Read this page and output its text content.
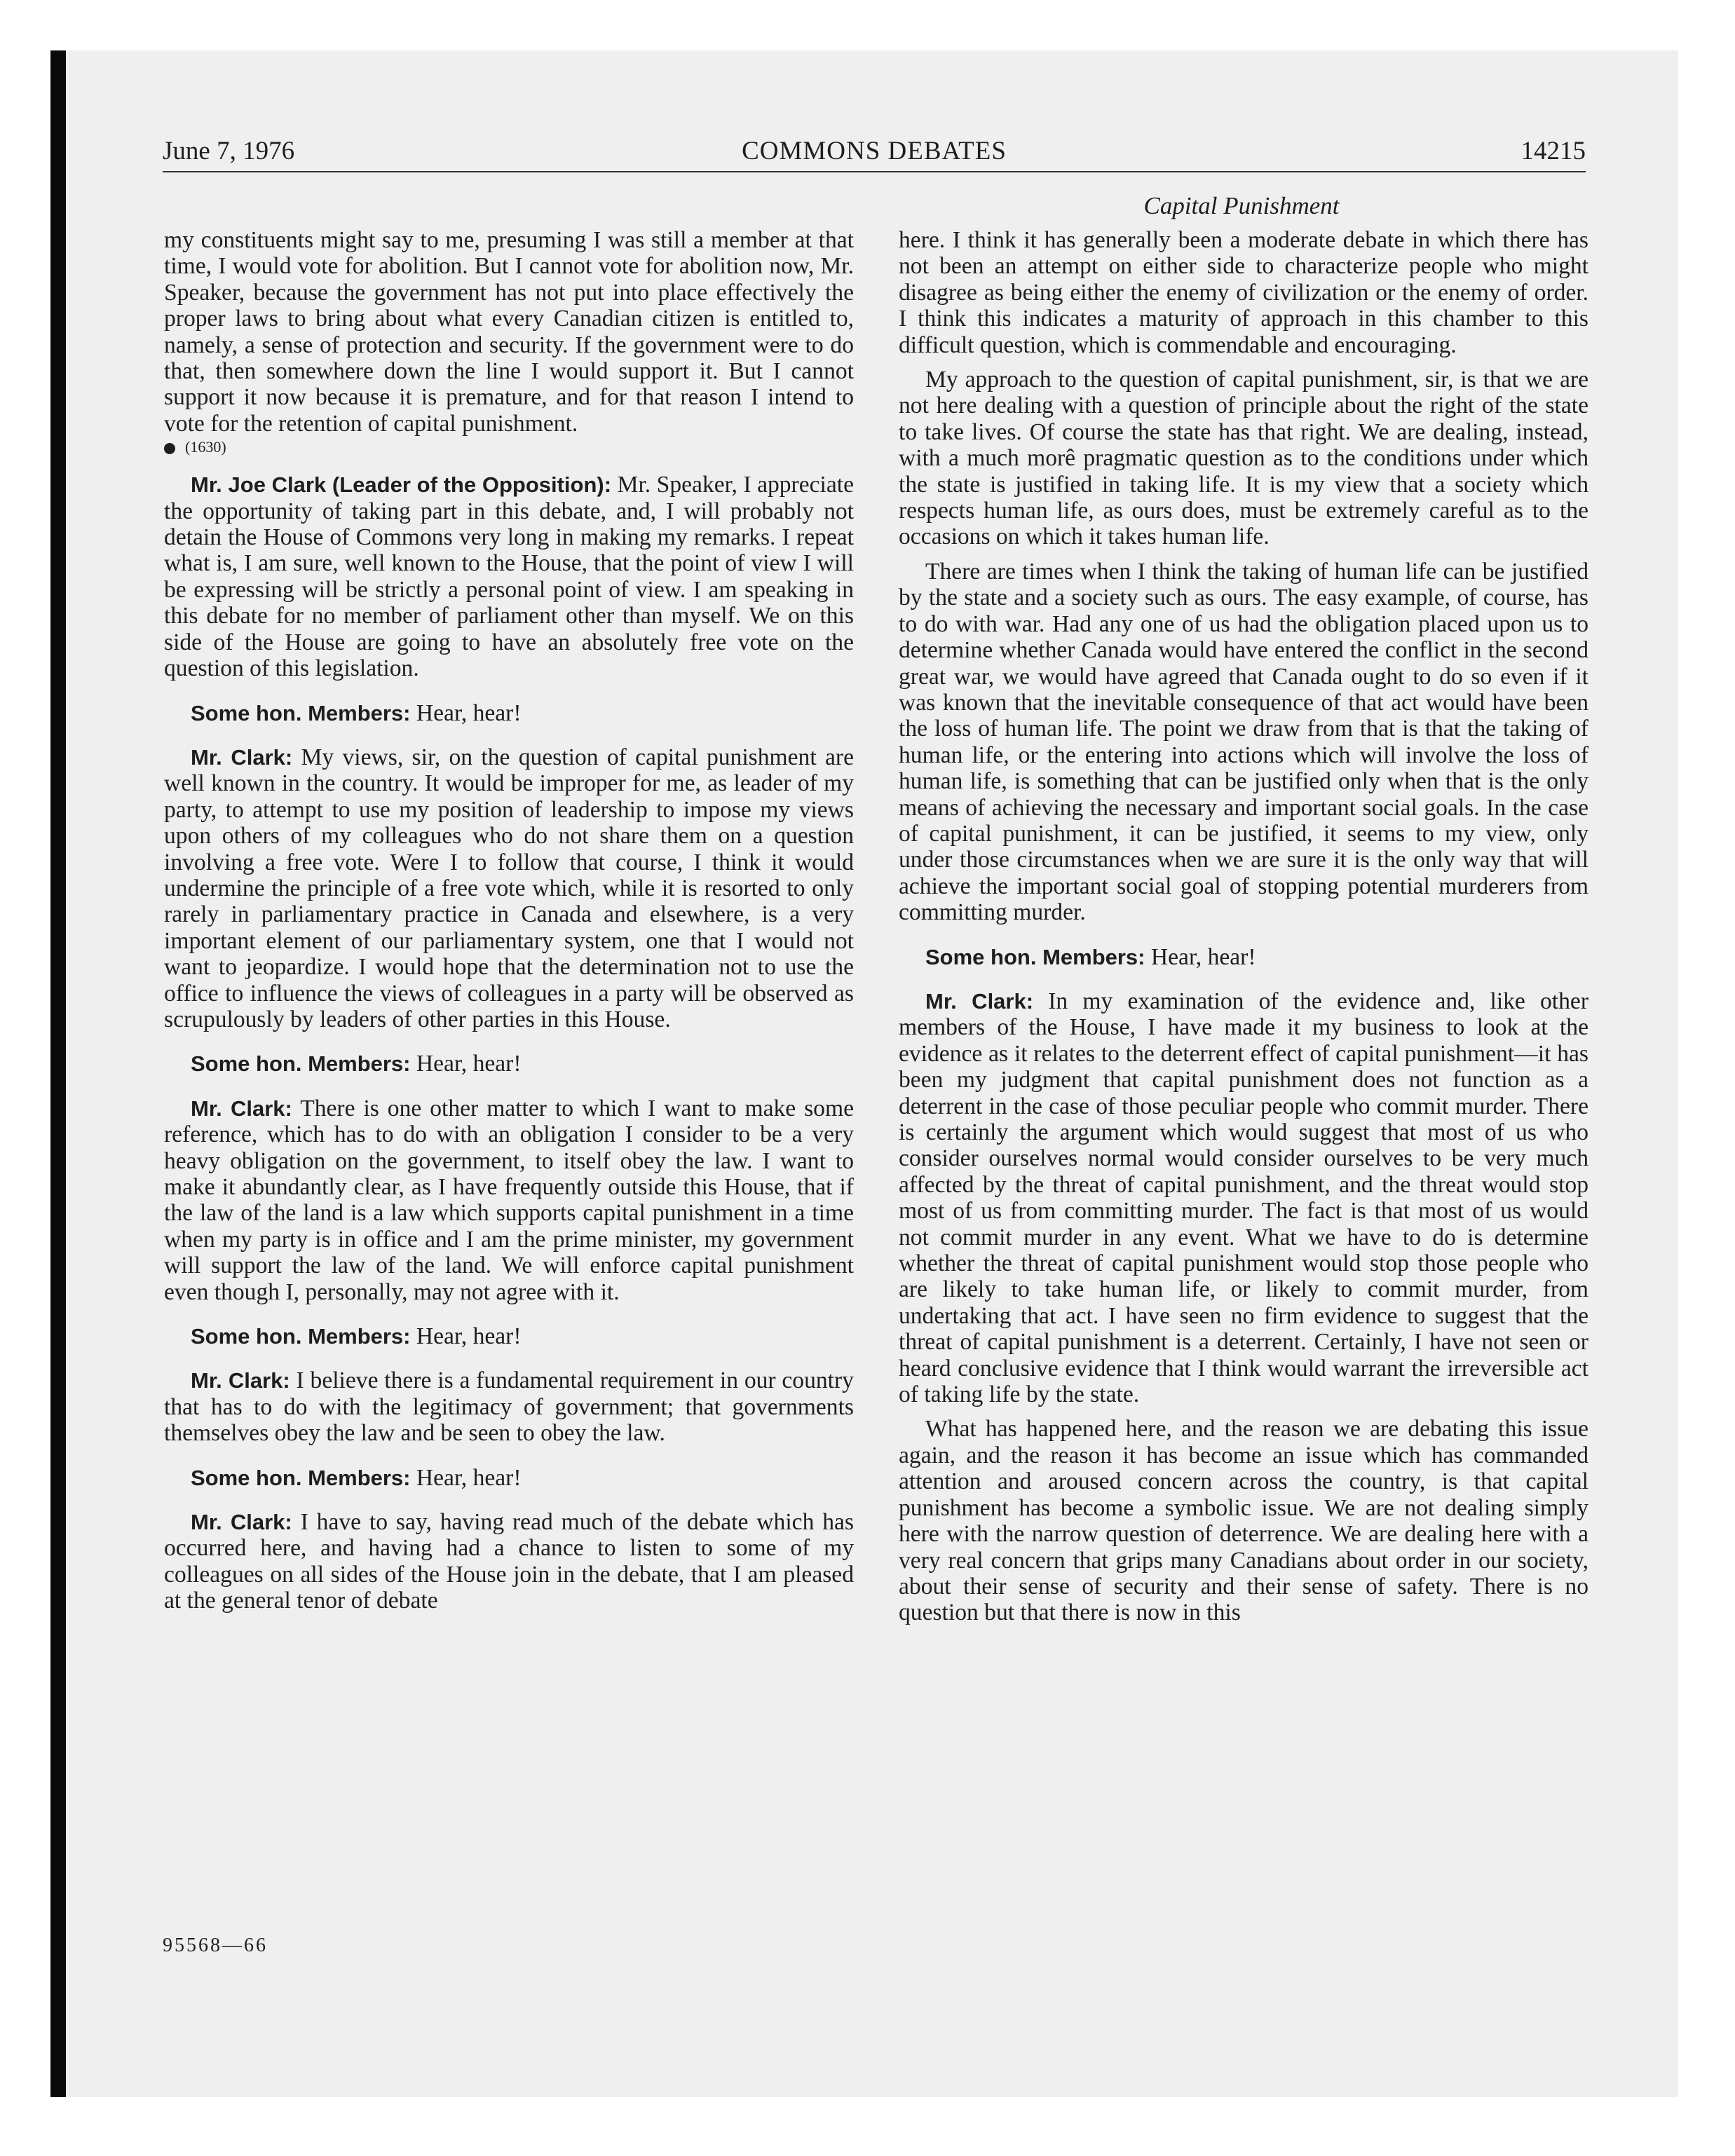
COMMONS DEBATES
June 7, 1976	14215
Capital Punishment

my constituents might say to me, presuming I was still a member at that time, I would vote for abolition. But I cannot vote for abolition now, Mr. Speaker, because the government has not put into place effectively the proper laws to bring about what every Canadian citizen is entitled to, namely, a sense of protection and security. If the government were to do that, then somewhere down the line I would support it. But I cannot support it now because it is premature, and for that reason I intend to vote for the retention of capital punishment.

(1630)

Mr. Joe Clark (Leader of the Opposition): Mr. Speaker, I appreciate the opportunity of taking part in this debate, and, I will probably not detain the House of Commons very long in making my remarks. I repeat what is, I am sure, well known to the House, that the point of view I will be expressing will be strictly a personal point of view. I am speaking in this debate for no member of parliament other than myself. We on this side of the House are going to have an absolutely free vote on the question of this legislation.

Some hon. Members: Hear, hear!

Mr. Clark: My views, sir, on the question of capital punishment are well known in the country. It would be improper for me, as leader of my party, to attempt to use my position of leadership to impose my views upon others of my colleagues who do not share them on a question involving a free vote. Were I to follow that course, I think it would undermine the principle of a free vote which, while it is resorted to only rarely in parliamentary practice in Canada and elsewhere, is a very important element of our parliamentary system, one that I would not want to jeopardize. I would hope that the determination not to use the office to influence the views of colleagues in a party will be observed as scrupulously by leaders of other parties in this House.

Some hon. Members: Hear, hear!

Mr. Clark: There is one other matter to which I want to make some reference, which has to do with an obligation I consider to be a very heavy obligation on the government, to itself obey the law. I want to make it abundantly clear, as I have frequently outside this House, that if the law of the land is a law which supports capital punishment in a time when my party is in office and I am the prime minister, my government will support the law of the land. We will enforce capital punishment even though I, personally, may not agree with it.

Some hon. Members: Hear, hear!

Mr. Clark: I believe there is a fundamental requirement in our country that has to do with the legitimacy of government; that governments themselves obey the law and be seen to obey the law.

Some hon. Members: Hear, hear!

Mr. Clark: I have to say, having read much of the debate which has occurred here, and having had a chance to listen to some of my colleagues on all sides of the House join in the debate, that I am pleased at the general tenor of debate

here. I think it has generally been a moderate debate in which there has not been an attempt on either side to characterize people who might disagree as being either the enemy of civilization or the enemy of order. I think this indicates a maturity of approach in this chamber to this difficult question, which is commendable and encouraging.

My approach to the question of capital punishment, sir, is that we are not here dealing with a question of principle about the right of the state to take lives. Of course the state has that right. We are dealing, instead, with a much morê pragmatic question as to the conditions under which the state is justified in taking life. It is my view that a society which respects human life, as ours does, must be extremely careful as to the occasions on which it takes human life.

There are times when I think the taking of human life can be justified by the state and a society such as ours. The easy example, of course, has to do with war. Had any one of us had the obligation placed upon us to determine whether Canada would have entered the conflict in the second great war, we would have agreed that Canada ought to do so even if it was known that the inevitable consequence of that act would have been the loss of human life. The point we draw from that is that the taking of human life, or the entering into actions which will involve the loss of human life, is something that can be justified only when that is the only means of achieving the necessary and important social goals. In the case of capital punishment, it can be justified, it seems to my view, only under those circumstances when we are sure it is the only way that will achieve the important social goal of stopping potential murderers from committing murder.

Some hon. Members: Hear, hear!

Mr. Clark: In my examination of the evidence and, like other members of the House, I have made it my business to look at the evidence as it relates to the deterrent effect of capital punishment—it has been my judgment that capital punishment does not function as a deterrent in the case of those peculiar people who commit murder. There is certainly the argument which would suggest that most of us who consider ourselves normal would consider ourselves to be very much affected by the threat of capital punishment, and the threat would stop most of us from committing murder. The fact is that most of us would not commit murder in any event. What we have to do is determine whether the threat of capital punishment would stop those people who are likely to take human life, or likely to commit murder, from undertaking that act. I have seen no firm evidence to suggest that the threat of capital punishment is a deterrent. Certainly, I have not seen or heard conclusive evidence that I think would warrant the irreversible act of taking life by the state.

What has happened here, and the reason we are debating this issue again, and the reason it has become an issue which has commanded attention and aroused concern across the country, is that capital punishment has become a symbolic issue. We are not dealing simply here with the narrow question of deterrence. We are dealing here with a very real concern that grips many Canadians about order in our society, about their sense of security and their sense of safety. There is no question but that there is now in this

95568—66
